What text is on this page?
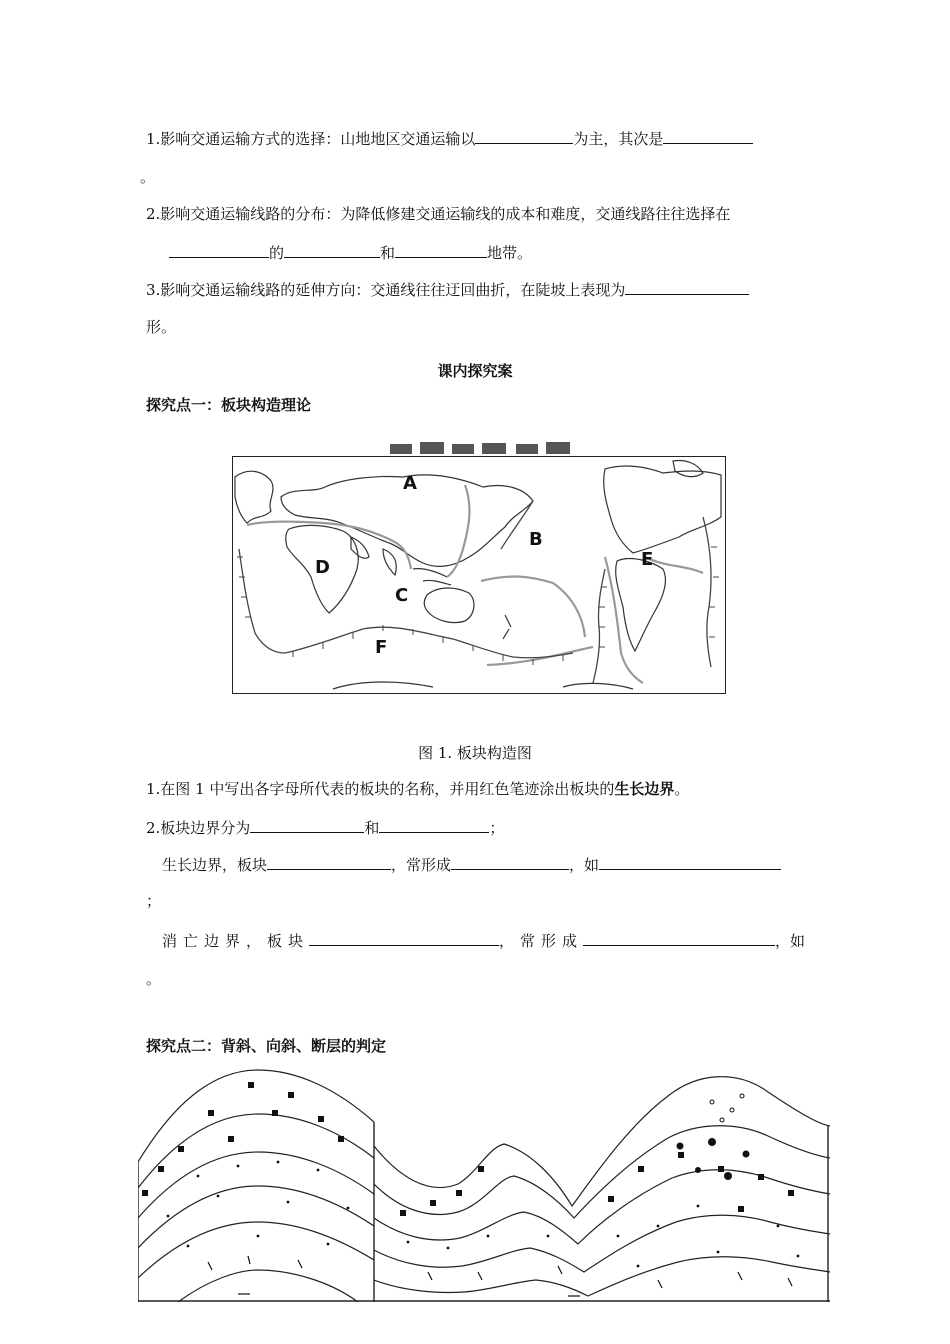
1.影响交通运输方式的选择：山地地区交通运输以	为主，其次是
。
2.影响交通运输线路的分布：为降低修建交通运输线的成本和难度，交通线路往往选择在
的	和	地带。
3.影响交通运输线路的延伸方向：交通线往往迂回曲折，在陡坡上表现为
形。
课内探究案
探究点一：板块构造理论
A
B
C
D	E
F
图 1. 板块构造图
1.在图 1 中写出各字母所代表的板块的名称，并用红色笔迹涂出板块的生长边界。
2.板块边界分为	和	；
生长边界，板块	，常形成	，如
；
消亡边界，板块	，常形成	，如
。
探究点二：背斜、向斜、断层的判定
